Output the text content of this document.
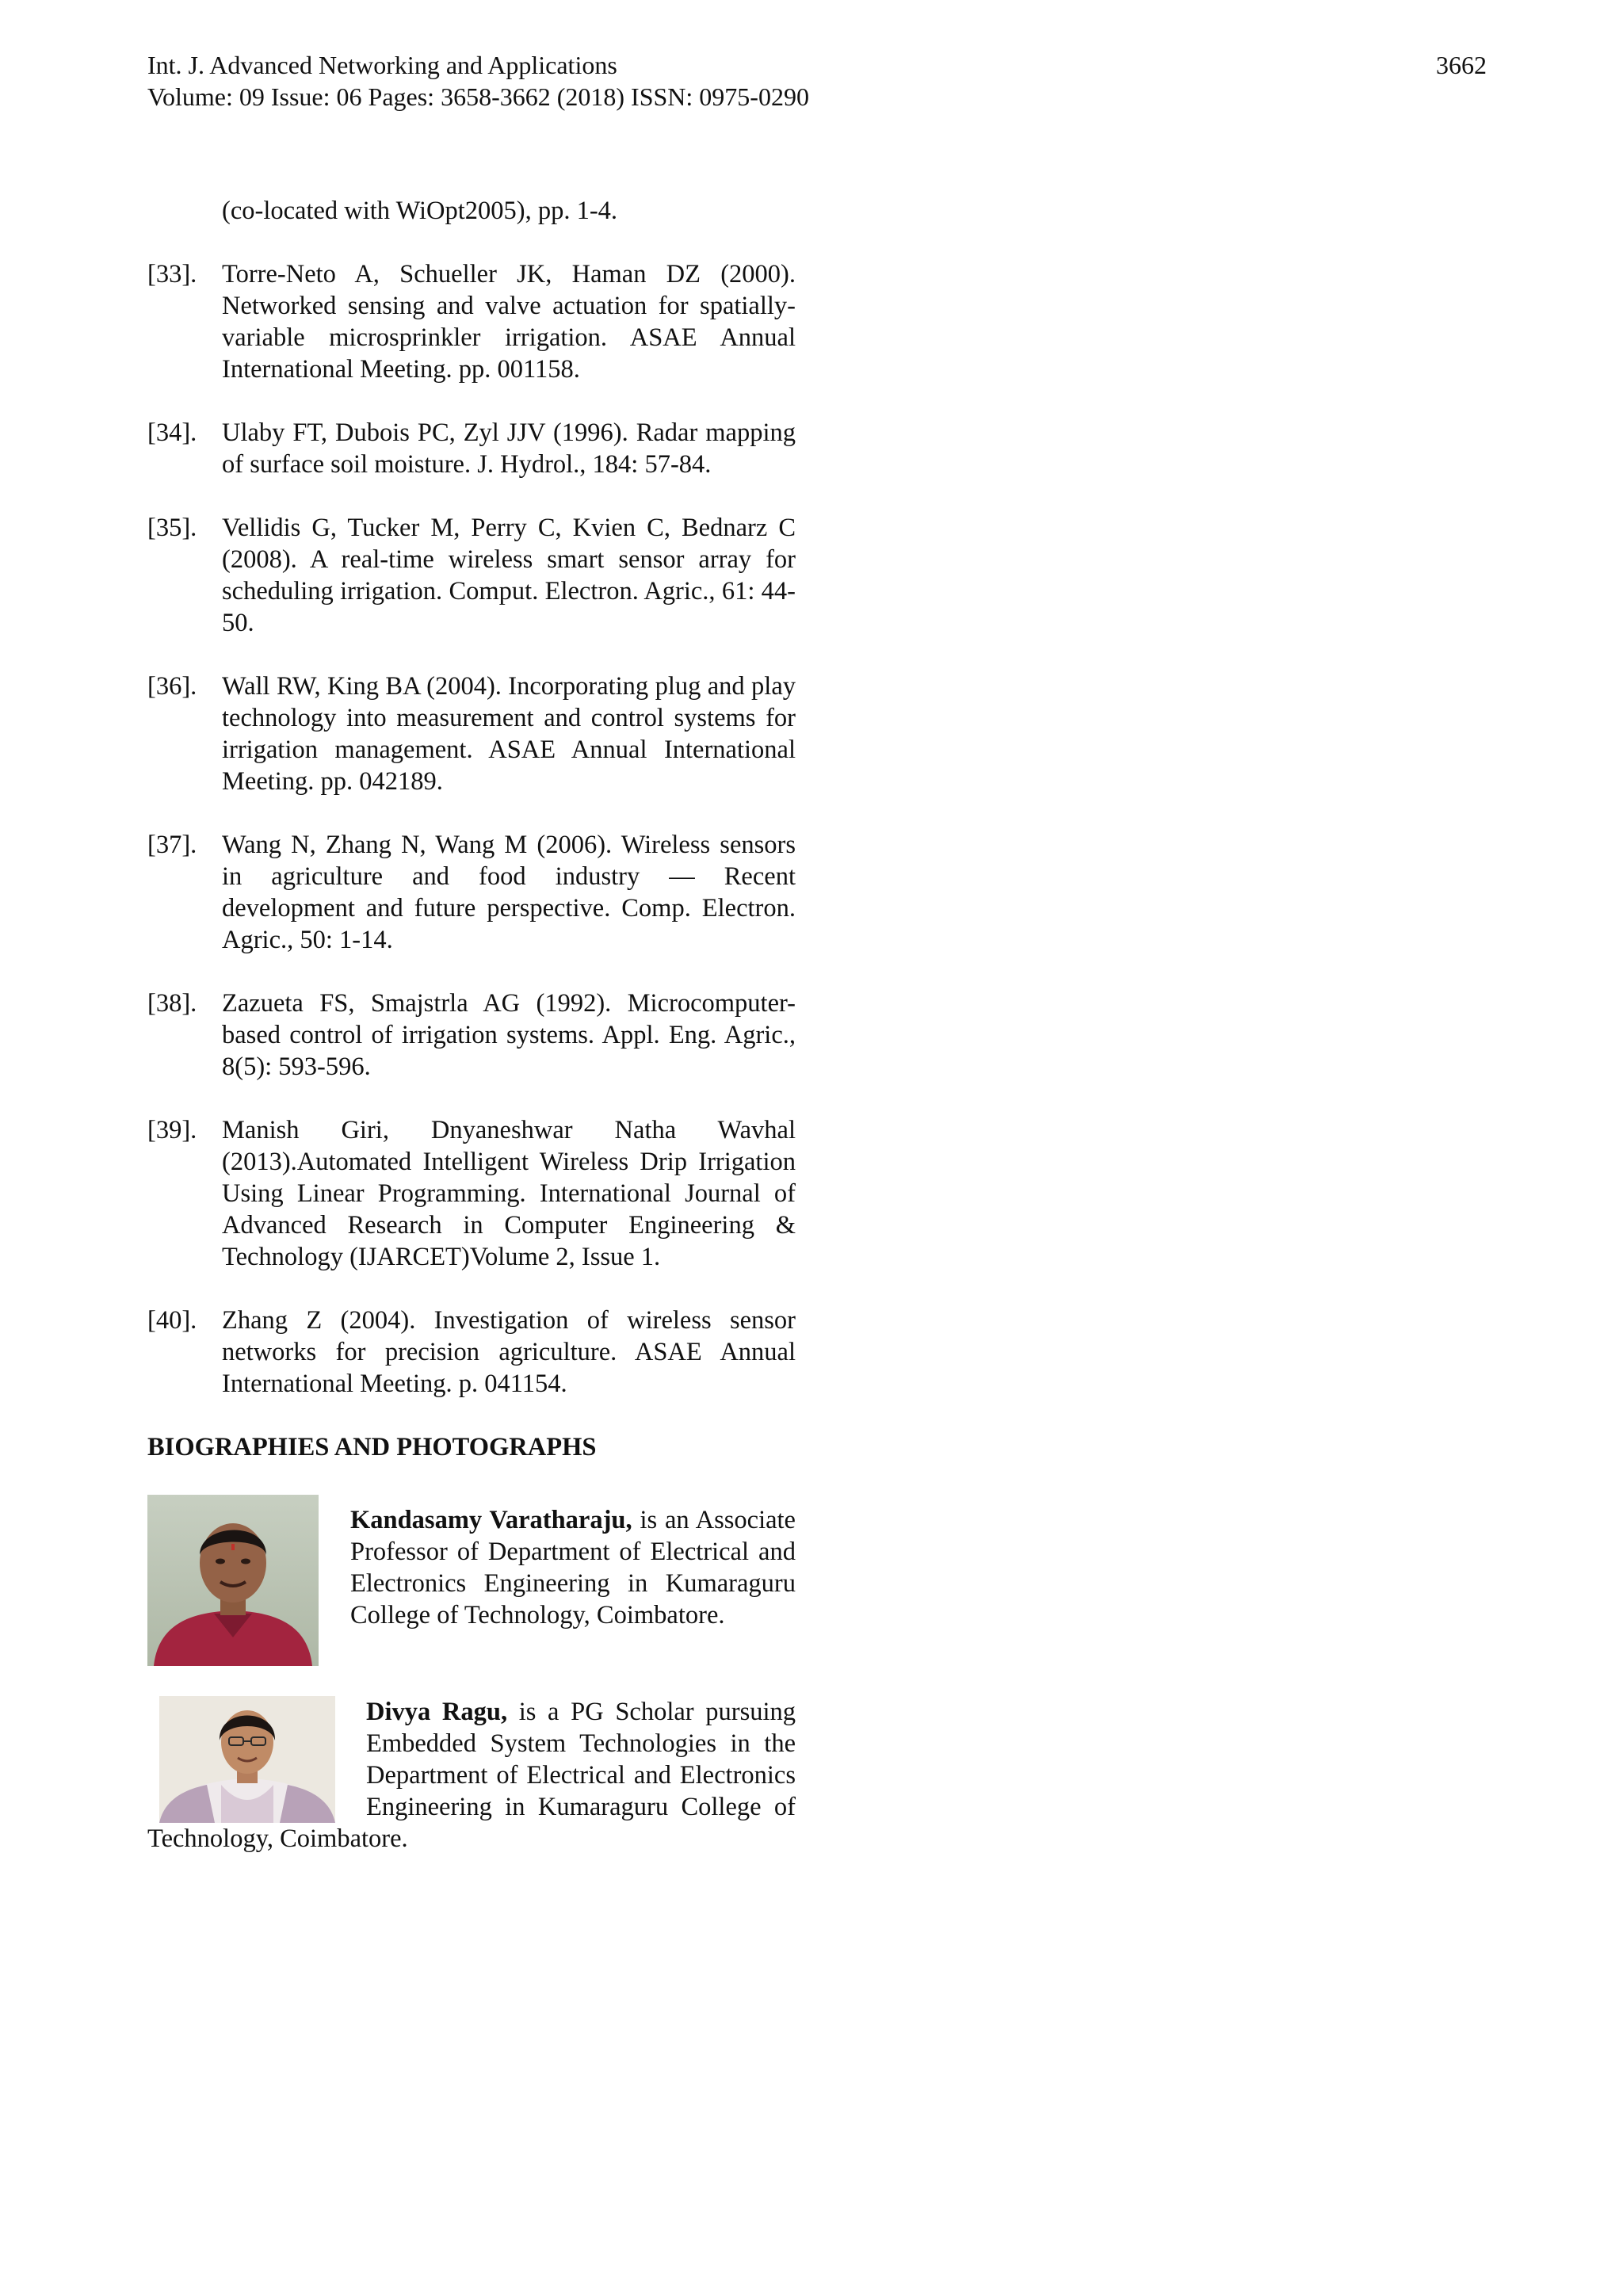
Int. J. Advanced Networking and Applications
Volume: 09 Issue: 06 Pages: 3658-3662 (2018) ISSN: 0975-0290
3662
(co-located with WiOpt2005), pp. 1-4.
[33]. Torre-Neto A, Schueller JK, Haman DZ (2000). Networked sensing and valve actuation for spatially-variable microsprinkler irrigation. ASAE Annual International Meeting. pp. 001158.
[34]. Ulaby FT, Dubois PC, Zyl JJV (1996). Radar mapping of surface soil moisture. J. Hydrol., 184: 57-84.
[35]. Vellidis G, Tucker M, Perry C, Kvien C, Bednarz C (2008). A real-time wireless smart sensor array for scheduling irrigation. Comput. Electron. Agric., 61: 44-50.
[36]. Wall RW, King BA (2004). Incorporating plug and play technology into measurement and control systems for irrigation management. ASAE Annual International Meeting. pp. 042189.
[37]. Wang N, Zhang N, Wang M (2006). Wireless sensors in agriculture and food industry — Recent development and future perspective. Comp. Electron. Agric., 50: 1-14.
[38]. Zazueta FS, Smajstrla AG (1992). Microcomputer-based control of irrigation systems. Appl. Eng. Agric., 8(5): 593-596.
[39]. Manish Giri, Dnyaneshwar Natha Wavhal (2013).Automated Intelligent Wireless Drip Irrigation Using Linear Programming. International Journal of Advanced Research in Computer Engineering & Technology (IJARCET)Volume 2, Issue 1.
[40]. Zhang Z (2004). Investigation of wireless sensor networks for precision agriculture. ASAE Annual International Meeting. p. 041154.
BIOGRAPHIES AND PHOTOGRAPHS
Kandasamy Varatharaju, is an Associate Professor of Department of Electrical and Electronics Engineering in Kumaraguru College of Technology, Coimbatore.
Divya Ragu, is a PG Scholar pursuing Embedded System Technologies in the Department of Electrical and Electronics Engineering in Kumaraguru College of Technology, Coimbatore.
